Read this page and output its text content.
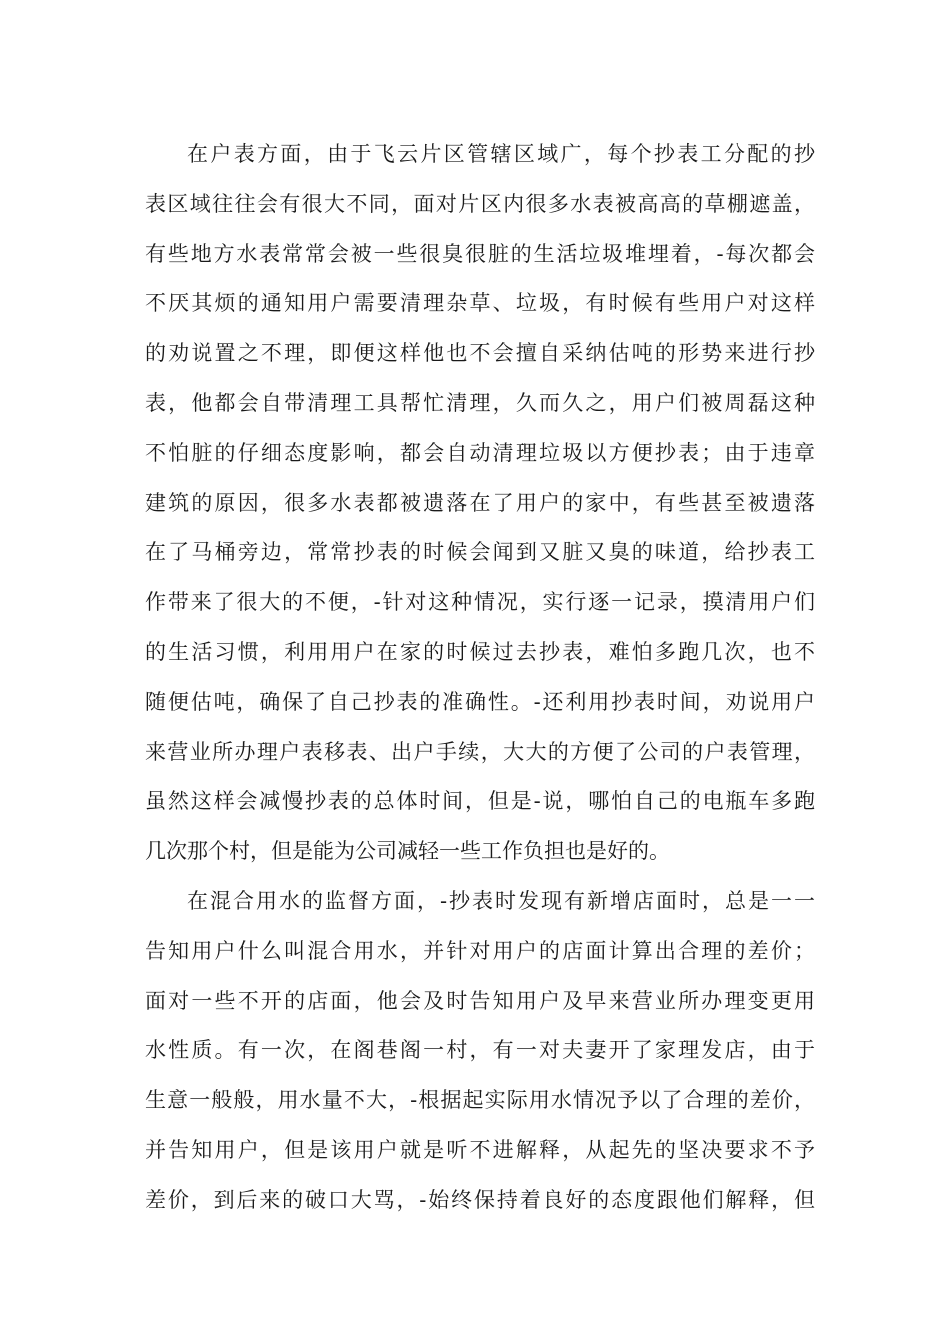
在户表方面，由于飞云片区管辖区域广，每个抄表工分配的抄
表区域往往会有很大不同，面对片区内很多水表被高高的草棚遮盖，
有些地方水表常常会被一些很臭很脏的生活垃圾堆埋着，-每次都会
不厌其烦的通知用户需要清理杂草、垃圾，有时候有些用户对这样
的劝说置之不理，即便这样他也不会擅自采纳估吨的形势来进行抄
表，他都会自带清理工具帮忙清理，久而久之，用户们被周磊这种
不怕脏的仔细态度影响，都会自动清理垃圾以方便抄表；由于违章
建筑的原因，很多水表都被遗落在了用户的家中，有些甚至被遗落
在了马桶旁边，常常抄表的时候会闻到又脏又臭的味道，给抄表工
作带来了很大的不便，-针对这种情况，实行逐一记录，摸清用户们
的生活习惯，利用用户在家的时候过去抄表，难怕多跑几次，也不
随便估吨，确保了自己抄表的准确性。-还利用抄表时间，劝说用户
来营业所办理户表移表、出户手续，大大的方便了公司的户表管理，
虽然这样会减慢抄表的总体时间，但是-说，哪怕自己的电瓶车多跑
几次那个村，但是能为公司减轻一些工作负担也是好的。
在混合用水的监督方面，-抄表时发现有新增店面时，总是一一
告知用户什么叫混合用水，并针对用户的店面计算出合理的差价；
面对一些不开的店面，他会及时告知用户及早来营业所办理变更用
水性质。有一次，在阁巷阁一村，有一对夫妻开了家理发店，由于
生意一般般，用水量不大，-根据起实际用水情况予以了合理的差价，
并告知用户，但是该用户就是听不进解释，从起先的坚决要求不予
差价，到后来的破口大骂，-始终保持着良好的态度跟他们解释，但
